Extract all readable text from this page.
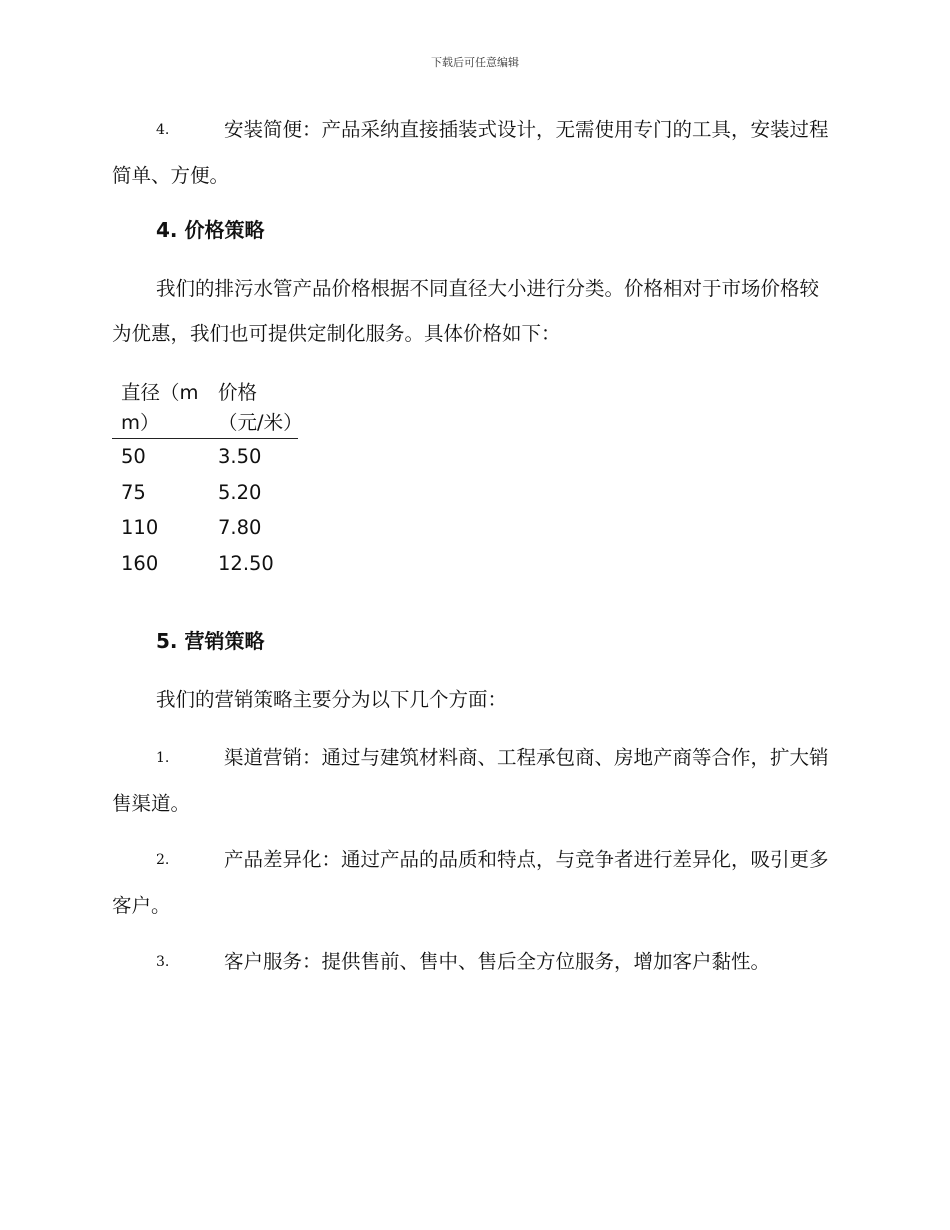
下载后可任意编辑

4.	安装简便：产品采纳直接插装式设计，无需使用专门的工具，安装过程简单、方便。

4. 价格策略

我们的排污水管产品价格根据不同直径大小进行分类。价格相对于市场价格较为优惠，我们也可提供定制化服务。具体价格如下：

直径（mm）	价格（元/米）
50	3.50
75	5.20
110	7.80
160	12.50

5. 营销策略

我们的营销策略主要分为以下几个方面：

1.	渠道营销：通过与建筑材料商、工程承包商、房地产商等合作，扩大销售渠道。

2.	产品差异化：通过产品的品质和特点，与竞争者进行差异化，吸引更多客户。

3.	客户服务：提供售前、售中、售后全方位服务，增加客户黏性。
